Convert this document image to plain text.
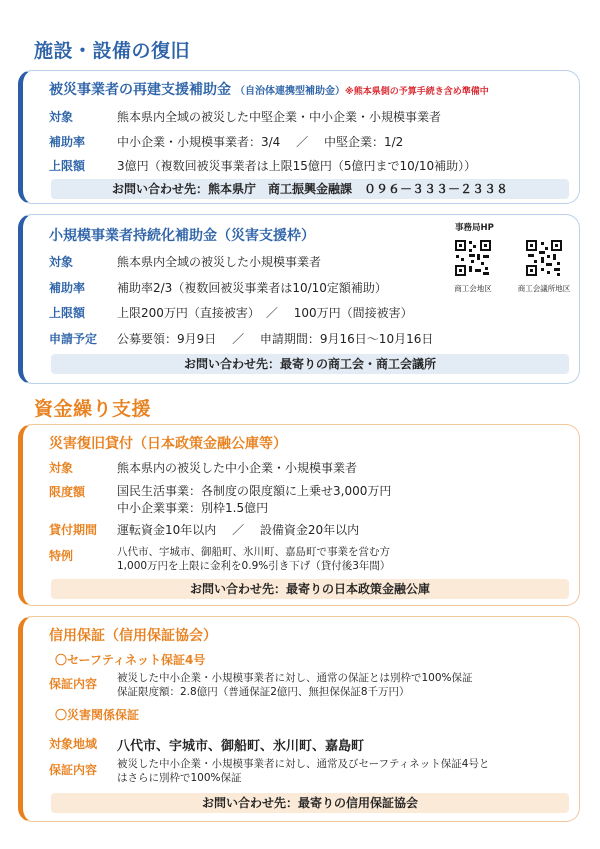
施設・設備の復旧
被災事業者の再建支援補助金 （自治体連携型補助金）※熊本県側の予算手続き含め準備中
対象	熊本県内全域の被災した中堅企業・中小企業・小規模事業者
補助率	中小企業・小規模事業者：3/4　 ／ 　中堅企業：1/2
上限額	3億円（複数回被災事業者は上限15億円（5億円まで10/10補助））
お問い合わせ先：熊本県庁　商工振興金融課　０９６－３３３－２３３８
小規模事業者持続化補助金（災害支援枠）	事務局HP
商工会地区	商工会議所地区
対象	熊本県内全域の被災した小規模事業者
補助率	補助率2/3（複数回被災事業者は10/10定額補助）
上限額	上限200万円（直接被害）　／ 　100万円（間接被害）
申請予定 公募要領：9月9日　 ／ 　申請期間：9月16日～10月16日
お問い合わせ先：最寄りの商工会・商工会議所
資金繰り支援
災害復旧貸付（日本政策金融公庫等）
対象	熊本県内の被災した中小企業・小規模事業者
限度額	国民生活事業：各制度の限度額に上乗せ3,000万円
中小企業事業：別枠1.5億円
貸付期間 運転資金10年以内　 ／ 　設備資金20年以内
特例	八代市、宇城市、御船町、氷川町、嘉島町で事業を営む方
1,000万円を上限に金利を0.9%引き下げ（貸付後3年間）
お問い合わせ先：最寄りの日本政策金融公庫
信用保証（信用保証協会）
〇セーフティネット保証4号
保証内容 被災した中小企業・小規模事業者に対し、通常の保証とは別枠で100%保証
保証限度額：2.8億円（普通保証2億円、無担保保証8千万円）
〇災害関係保証
対象地域 八代市、宇城市、御船町、氷川町、嘉島町
保証内容 被災した中小企業・小規模事業者に対し、通常及びセーフティネット保証4号と
はさらに別枠で100%保証
お問い合わせ先：最寄りの信用保証協会
